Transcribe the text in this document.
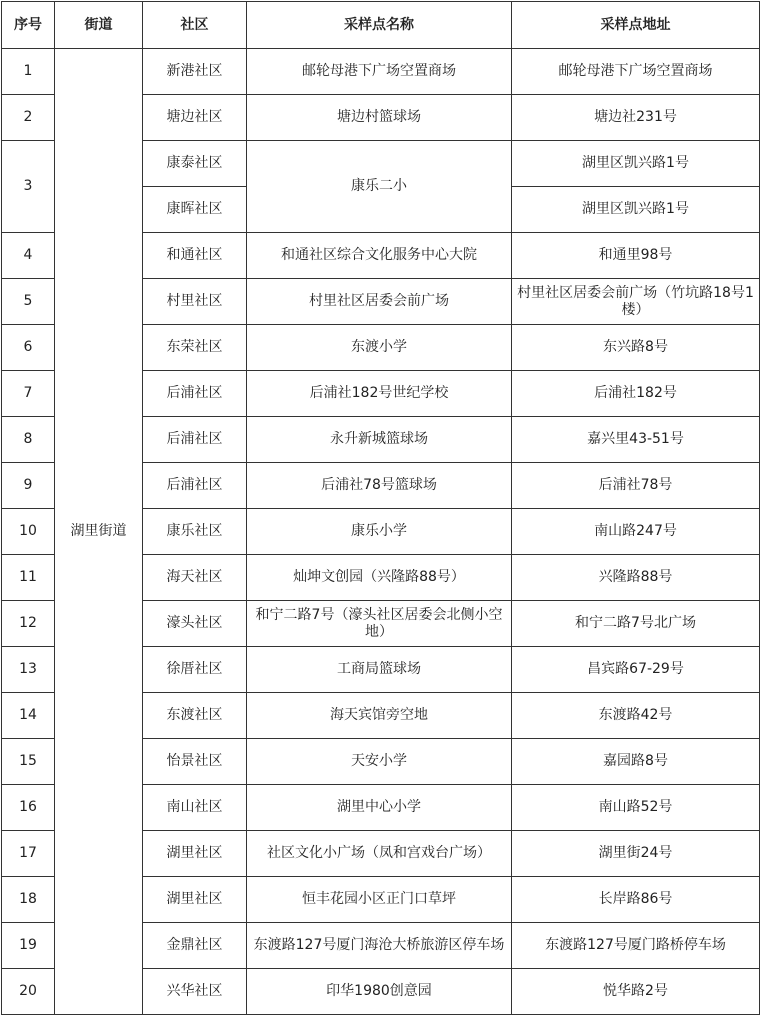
序号	街道	社区	采样点名称	采样点地址
1	湖里街道	新港社区	邮轮母港下广场空置商场	邮轮母港下广场空置商场
2		塘边社区	塘边村篮球场	塘边社231号
3		康泰社区	康乐二小	湖里区凯兴路1号
		康晖社区		湖里区凯兴路1号
4		和通社区	和通社区综合文化服务中心大院	和通里98号
5		村里社区	村里社区居委会前广场	村里社区居委会前广场（竹坑路18号1楼）
6		东荣社区	东渡小学	东兴路8号
7		后浦社区	后浦社182号世纪学校	后浦社182号
8		后浦社区	永升新城篮球场	嘉兴里43-51号
9		后浦社区	后浦社78号篮球场	后浦社78号
10		康乐社区	康乐小学	南山路247号
11		海天社区	灿坤文创园（兴隆路88号）	兴隆路88号
12		濠头社区	和宁二路7号（濠头社区居委会北侧小空地）	和宁二路7号北广场
13		徐厝社区	工商局篮球场	昌宾路67-29号
14		东渡社区	海天宾馆旁空地	东渡路42号
15		怡景社区	天安小学	嘉园路8号
16		南山社区	湖里中心小学	南山路52号
17		湖里社区	社区文化小广场（凤和宫戏台广场）	湖里街24号
18		湖里社区	恒丰花园小区正门口草坪	长岸路86号
19		金鼎社区	东渡路127号厦门海沧大桥旅游区停车场	东渡路127号厦门路桥停车场
20		兴华社区	印华1980创意园	悦华路2号
